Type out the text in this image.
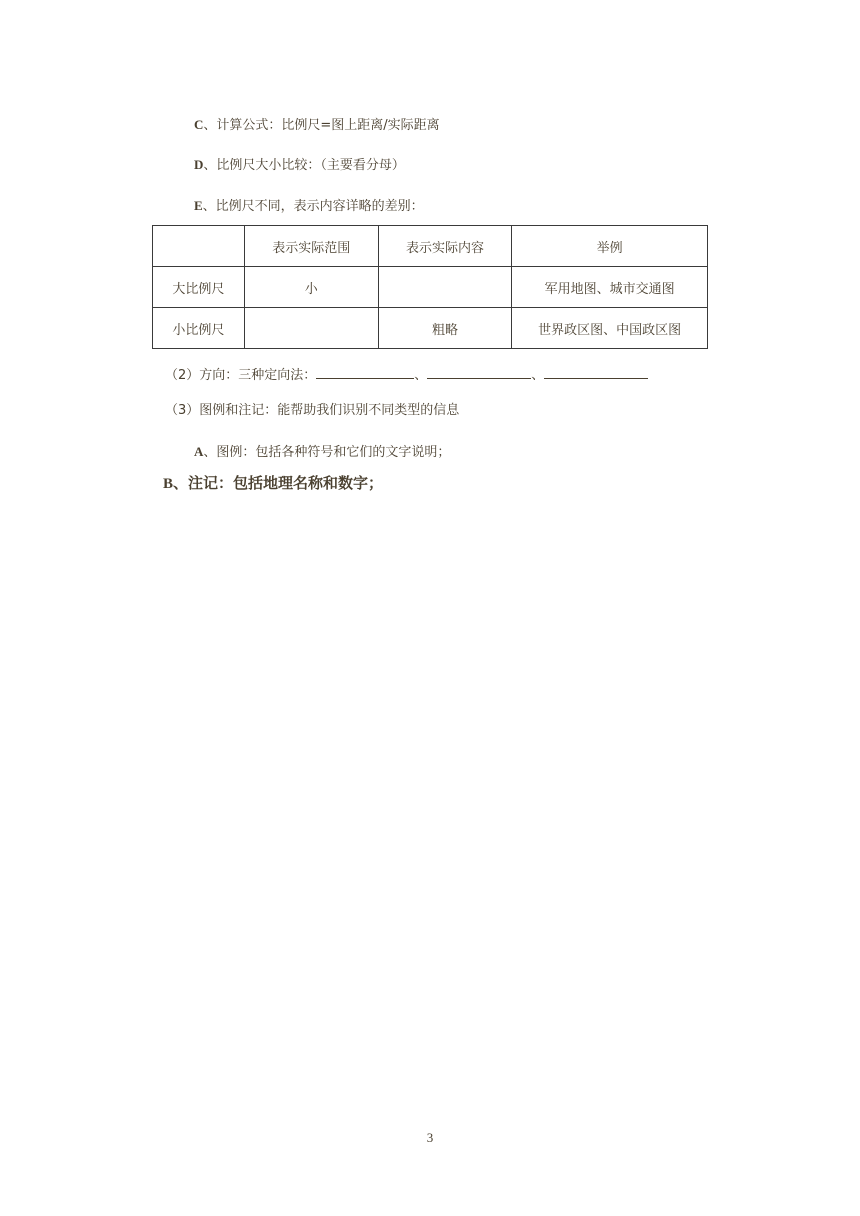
C、计算公式：比例尺=图上距离/实际距离
D、比例尺大小比较：（主要看分母）
E、比例尺不同，表示内容详略的差别：
	表示实际范围	表示实际内容	举例
大比例尺	小		军用地图、城市交通图
小比例尺		粗略	世界政区图、中国政区图
（2）方向：三种定向法：	、	、
（3）图例和注记：能帮助我们识别不同类型的信息
A、图例：包括各种符号和它们的文字说明；
B、注记：包括地理名称和数字；
3
